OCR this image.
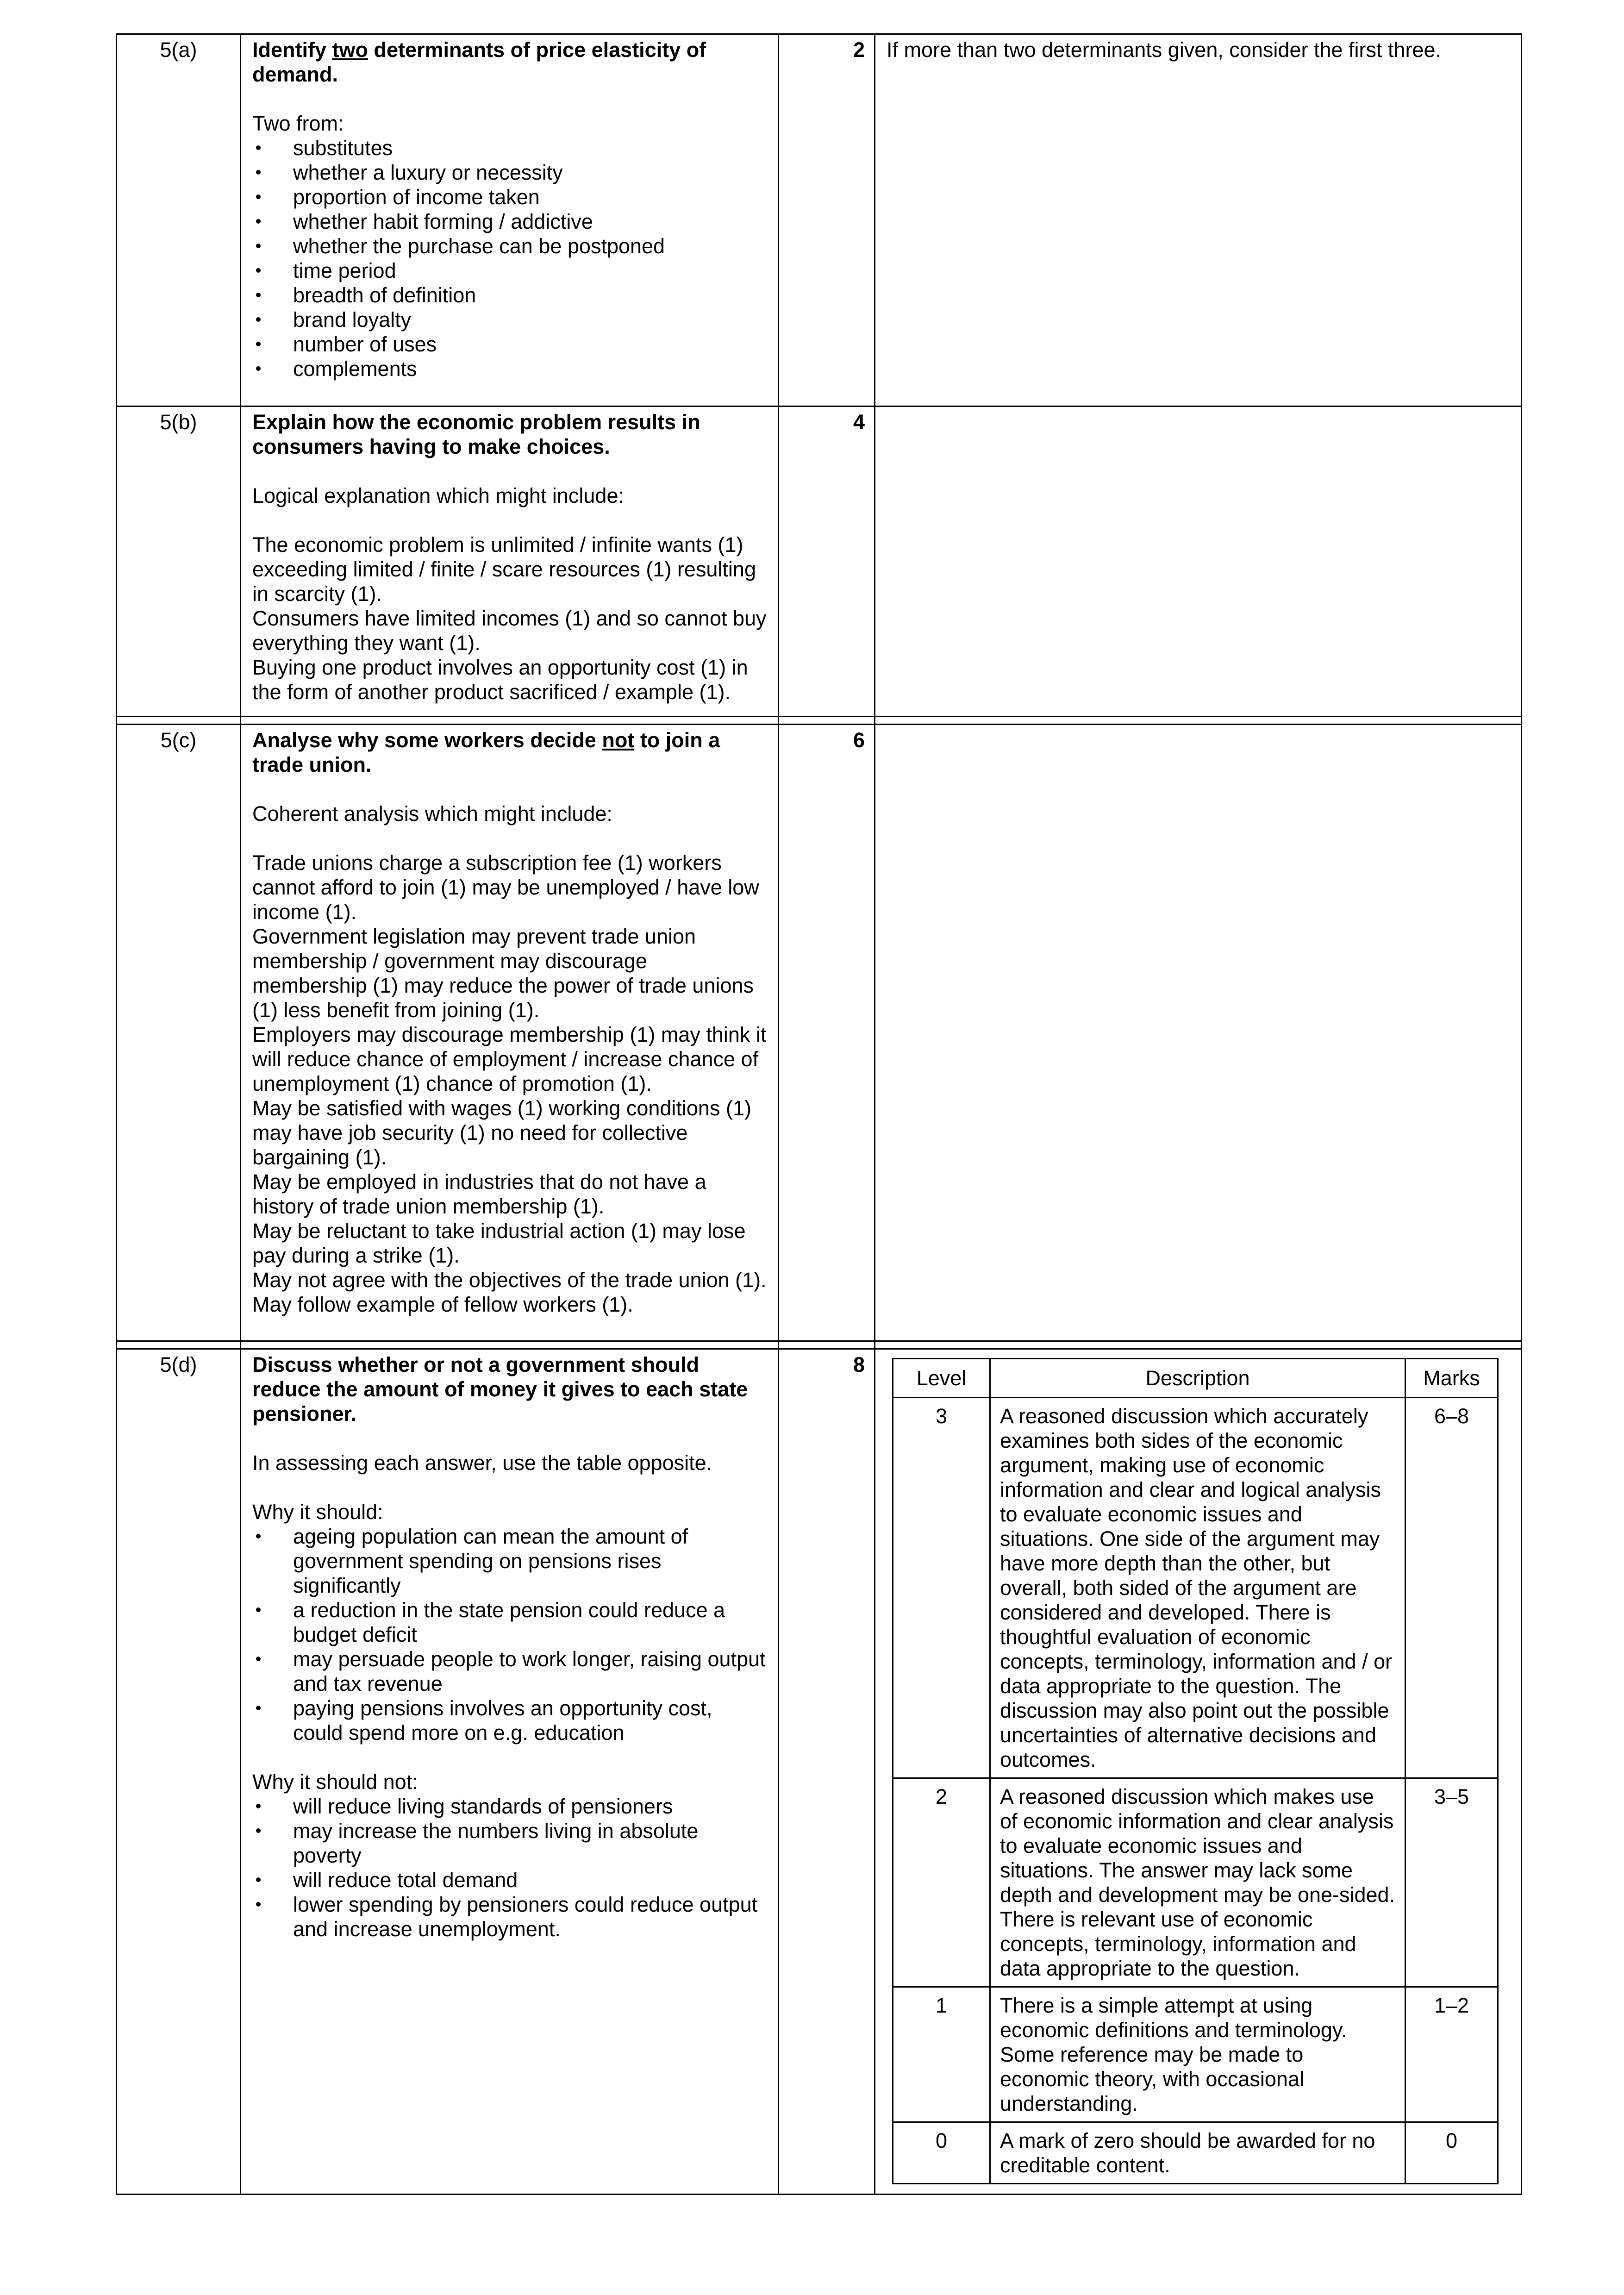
5(a)	Identify two determinants of price elasticity of demand.

Two from:

substitutes
whether a luxury or necessity
proportion of income taken
whether habit forming / addictive
whether the purchase can be postponed
time period
breadth of definition
brand loyalty
number of uses
complements
	2	If more than two determinants given, consider the first three.
5(b)	Explain how the economic problem results in consumers having to make choices.

Logical explanation which might include:

The economic problem is unlimited / infinite wants (1) exceeding limited / finite / scare resources (1) resulting in scarcity (1).
Consumers have limited incomes (1) and so cannot buy everything they want (1).
Buying one product involves an opportunity cost (1) in the form of another product sacrificed / example (1).
	4	

5(c)	Analyse why some workers decide not to join a trade union.

Coherent analysis which might include:

Trade unions charge a subscription fee (1) workers cannot afford to join (1) may be unemployed / have low income (1).
Government legislation may prevent trade union membership / government may discourage membership (1) may reduce the power of trade unions (1) less benefit from joining (1).
Employers may discourage membership (1) may think it will reduce chance of employment / increase chance of unemployment (1) chance of promotion (1).
May be satisfied with wages (1) working conditions (1) may have job security (1) no need for collective bargaining (1).
May be employed in industries that do not have a history of trade union membership (1).
May be reluctant to take industrial action (1) may lose pay during a strike (1).
May not agree with the objectives of the trade union (1).
May follow example of fellow workers (1).
	6	

5(d)	Discuss whether or not a government should reduce the amount of money it gives to each state pensioner.

In assessing each answer, use the table opposite.

Why it should:

ageing population can mean the amount of government spending on pensions rises significantly
a reduction in the state pension could reduce a budget deficit
may persuade people to work longer, raising output and tax revenue
paying pensions involves an opportunity cost, could spend more on e.g. education

Why it should not:

will reduce living standards of pensioners
may increase the numbers living in absolute poverty
will reduce total demand
lower spending by pensioners could reduce output and increase unemployment.
	8	
Level	Description	Marks
3	A reasoned discussion which accurately examines both sides of the economic argument, making use of economic information and clear and logical analysis to evaluate economic issues and situations. One side of the argument may have more depth than the other, but overall, both sided of the argument are considered and developed. There is thoughtful evaluation of economic concepts, terminology, information and / or data appropriate to the question. The discussion may also point out the possible uncertainties of alternative decisions and outcomes.	6–8
2	A reasoned discussion which makes use of economic information and clear analysis to evaluate economic issues and situations. The answer may lack some depth and development may be one-sided. There is relevant use of economic concepts, terminology, information and data appropriate to the question.	3–5
1	There is a simple attempt at using economic definitions and terminology. Some reference may be made to economic theory, with occasional understanding.	1–2
0	A mark of zero should be awarded for no creditable content.	0
